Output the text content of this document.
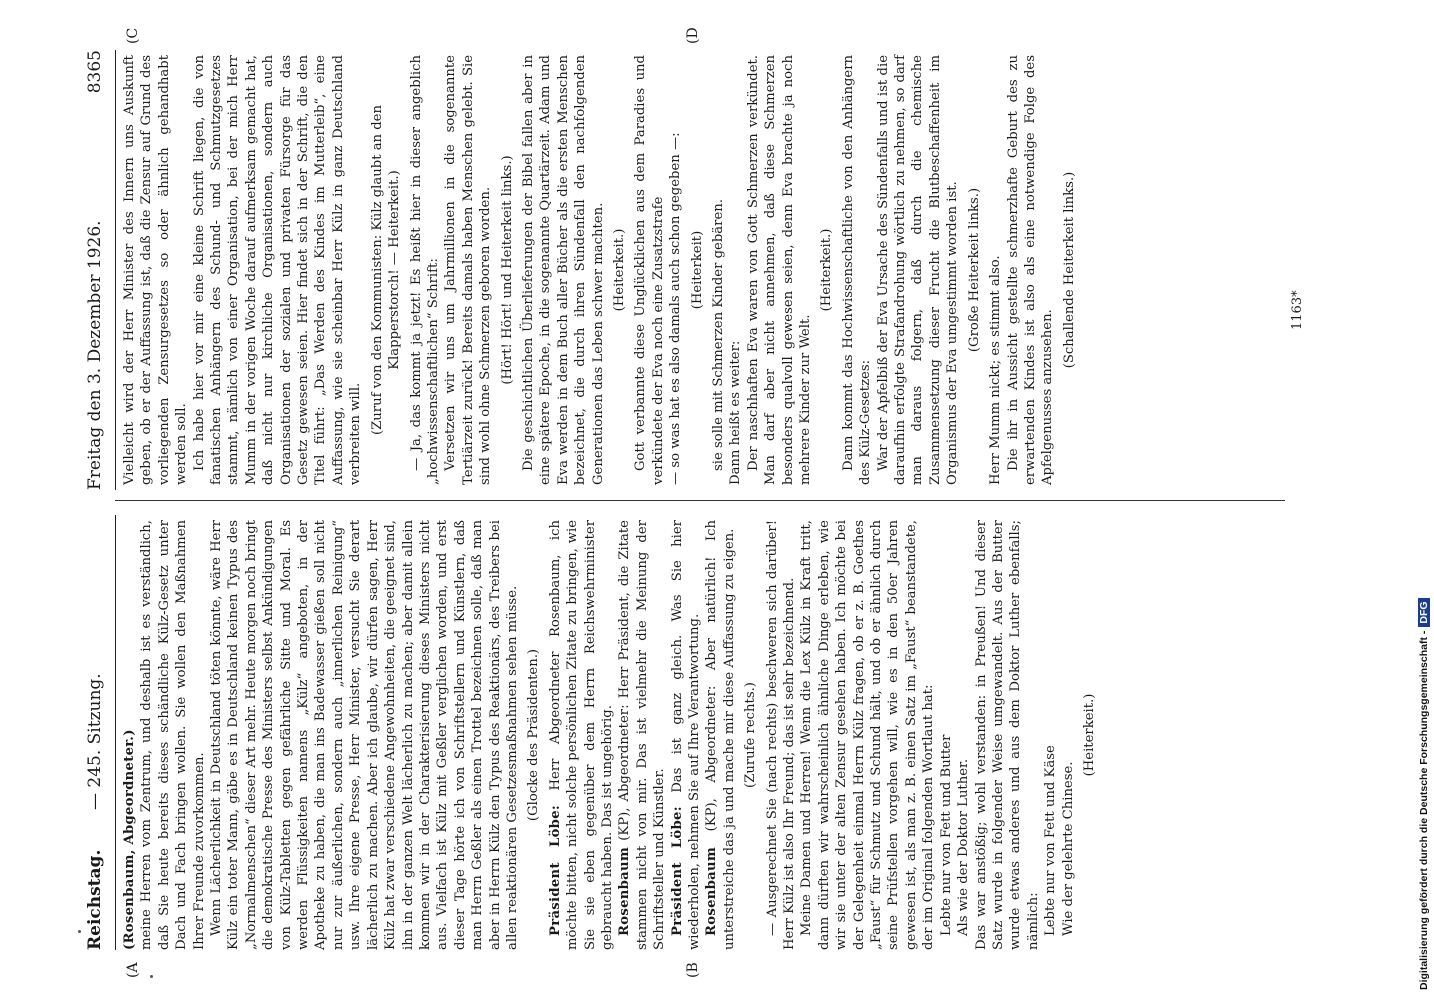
Reichstag.
— 245. Sitzung.
Freitag den 3. Dezember 1926.
8365
(A	(B
(C	(D

(Rosenbaum, Abgeordneter.) meine Herren vom Zentrum, und deshalb ist es verständlich, daß Sie heute bereits dieses schändliche Külz-Gesetz unter Dach und Fach bringen wollen. Sie wollen den Maßnahmen Ihrer Freunde zuvorkommen. Wenn Lächerlichkeit in Deutschland töten könnte, wäre Herr Külz ein toter Mann, gäbe es in Deutschland keinen Typus des „Normalmenschen“ dieser Art mehr. Heute morgen noch bringt die demokratische Presse des Ministers selbst Ankündigungen von Külz-Tabletten gegen gefährliche Sitte und Moral. Es werden Flüssigkeiten namens „Külz“ angeboten, in der Apotheke zu haben, die man ins Badewasser gießen soll nicht nur zur äußerlichen, sondern auch „innerlichen Reinigung“ usw. Ihre eigene Presse, Herr Minister, versucht Sie derart lächerlich zu machen. Aber ich glaube, wir dürfen sagen, Herr Külz hat zwar verschiedene Angewohnheiten, die geeignet sind, ihn in der ganzen Welt lächerlich zu machen; aber damit allein kommen wir in der Charakterisierung dieses Ministers nicht aus. Vielfach ist Külz mit Geßler verglichen worden, und erst dieser Tage hörte ich von Schriftstellern und Künstlern, daß man Herrn Geßler als einen Trottel bezeichnen solle, daß man aber in Herrn Külz den Typus des Reaktionärs, des Treibers bei allen reaktionären Gesetzesmaßnahmen sehen müsse. (Glocke des Präsidenten.)

Präsident Löbe: Herr Abgeordneter Rosenbaum, ich möchte bitten, nicht solche persönlichen Zitate zu bringen, wie Sie sie eben gegenüber dem Herrn Reichswehrminister gebraucht haben. Das ist ungehörig. Rosenbaum (KP), Abgeordneter: Herr Präsident, die Zitate stammen nicht von mir. Das ist vielmehr die Meinung der Schriftsteller und Künstler. Präsident Löbe: Das ist ganz gleich. Was Sie hier wiederholen, nehmen Sie auf Ihre Verantwortung. Rosenbaum (KP), Abgeordneter: Aber natürlich! Ich unterstreiche das ja und mache mir diese Auffassung zu eigen. (Zurufe rechts.) — Ausgerechnet Sie (nach rechts) beschweren sich darüber! Herr Külz ist also Ihr Freund; das ist sehr bezeichnend. Meine Damen und Herren! Wenn die Lex Külz in Kraft tritt, dann dürften wir wahrscheinlich ähnliche Dinge erleben, wie wir sie unter der alten Zensur gesehen haben. Ich möchte bei der Gelegenheit einmal Herrn Külz fragen, ob er z. B. Goethes „Faust“ für Schmutz und Schund hält, und ob er ähnlich durch seine Prüfstellen vorgehen will, wie es in den 50er Jahren gewesen ist, als man z. B. einen Satz im „Faust“ beanstandete, der im Original folgenden Wortlaut hat: Lebte nur von Fett und Butter Als wie der Doktor Luther. Das war anstößig; wohl verstanden: in Preußen! Und dieser Satz wurde in folgender Weise umgewandelt. Aus der Butter wurde etwas anderes und aus dem Doktor Luther ebenfalls; nämlich: Lebte nur von Fett und Käse Wie der gelehrte Chinese.

(Heiterkeit.)

Vielleicht wird der Herr Minister des Innern uns Auskunft geben, ob er der Auffassung ist, daß die Zensur auf Grund des vorliegenden Zensurgesetzes so oder ähnlich gehandhabt werden soll. Ich habe hier vor mir eine kleine Schrift liegen, die von fanatischen Anhängern des Schund- und Schmutzgesetzes stammt, nämlich von einer Organisation, bei der mich Herr Mumm in der vorigen Woche darauf aufmerksam gemacht hat, daß nicht nur kirchliche Organisationen, sondern auch Organisationen der sozialen und privaten Fürsorge für das Gesetz gewesen seien. Hier findet sich in der Schrift, die den Titel führt: „Das Werden des Kindes im Mutterleib“, eine Auffassung, wie sie scheinbar Herr Külz in ganz Deutschland verbreiten will. (Zuruf von den Kommunisten: Külz glaubt an den Klapperstorch! — Heiterkeit.) — Ja, das kommt ja jetzt! Es heißt hier in dieser angeblich „hochwissenschaftlichen“ Schrift: Versetzen wir uns um Jahrmillionen in die sogenannte Tertiärzeit zurück! Bereits damals haben Menschen gelebt. Sie sind wohl ohne Schmerzen geboren worden. (Hört! Hört! und Heiterkeit links.) Die geschichtlichen Überlieferungen der Bibel fallen aber in eine spätere Epoche, in die sogenannte Quartärzeit. Adam und Eva werden in dem Buch aller Bücher als die ersten Menschen bezeichnet, die durch ihren Sündenfall den nachfolgenden Generationen das Leben schwer machten. (Heiterkeit.) Gott verbannte diese Unglücklichen aus dem Paradies und verkündete der Eva noch eine Zusatzstrafe — so was hat es also damals auch schon gegeben —: (Heiterkeit) sie solle mit Schmerzen Kinder gebären. Dann heißt es weiter: Der naschhaften Eva waren von Gott Schmerzen verkündet. Man darf aber nicht annehmen, daß diese Schmerzen besonders qualvoll gewesen seien, denn Eva brachte ja noch mehrere Kinder zur Welt.

(Heiterkeit.) Dann kommt das Hochwissenschaftliche von den Anhängern des Külz-Gesetzes: War der Apfelbiß der Eva Ursache des Sündenfalls und ist die daraufhin erfolgte Strafandrohung wörtlich zu nehmen, so darf man daraus folgern, daß durch die chemische Zusammensetzung dieser Frucht die Blutbeschaffenheit im Organismus der Eva umgestimmt worden ist. (Große Heiterkeit links.) Herr Mumm nickt; es stimmt also. Die ihr in Aussicht gestellte schmerzhafte Geburt des zu erwartenden Kindes ist also als eine notwendige Folge des Apfelgenusses anzusehen.

(Schallende Heiterkeit links.)	1163*
Digitalisierung gefördert durch die Deutsche Forschungsgemeinschaft -DFG
